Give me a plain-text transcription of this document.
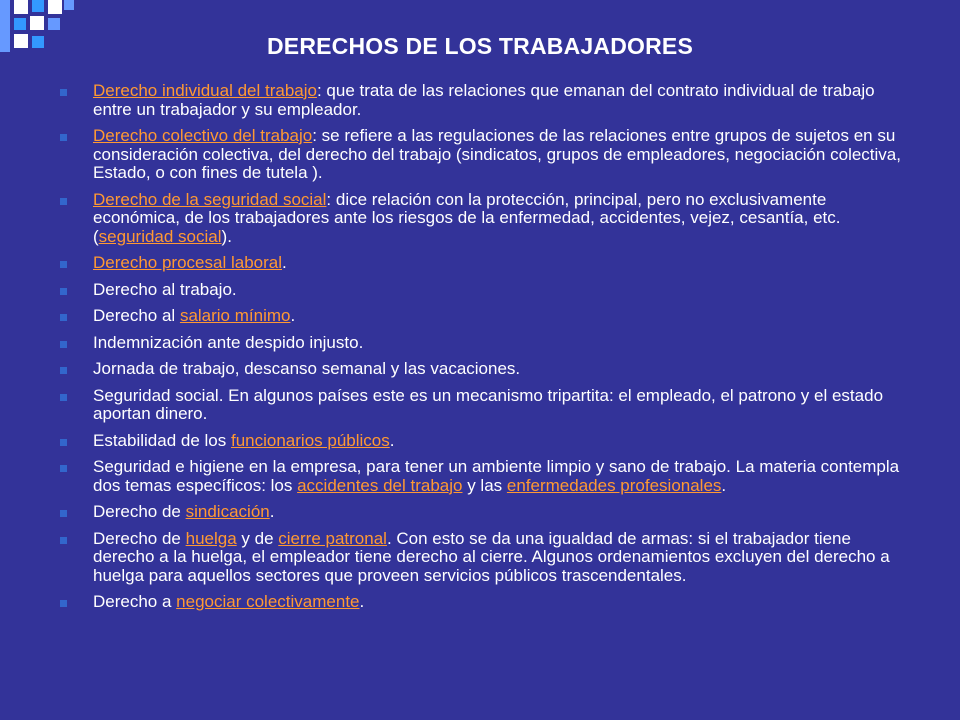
DERECHOS DE LOS TRABAJADORES
Derecho individual del trabajo: que trata de las relaciones que emanan del contrato individual de trabajo entre un trabajador y su empleador.
Derecho colectivo del trabajo: se refiere a las regulaciones de las relaciones entre grupos de sujetos en su consideración colectiva, del derecho del trabajo (sindicatos, grupos de empleadores, negociación colectiva, Estado, o con fines de tutela ).
Derecho de la seguridad social: dice relación con la protección, principal, pero no exclusivamente económica, de los trabajadores ante los riesgos de la enfermedad, accidentes, vejez, cesantía, etc. (seguridad social).
Derecho procesal laboral.
Derecho al trabajo.
Derecho al salario mínimo.
Indemnización ante despido injusto.
Jornada de trabajo, descanso semanal y las vacaciones.
Seguridad social. En algunos países este es un mecanismo tripartita: el empleado, el patrono y el estado aportan dinero.
Estabilidad de los funcionarios públicos.
Seguridad e higiene en la empresa, para tener un ambiente limpio y sano de trabajo. La materia contempla dos temas específicos: los accidentes del trabajo y las enfermedades profesionales.
Derecho de sindicación.
Derecho de huelga y de cierre patronal. Con esto se da una igualdad de armas: si el trabajador tiene derecho a la huelga, el empleador tiene derecho al cierre. Algunos ordenamientos excluyen del derecho a huelga para aquellos sectores que proveen servicios públicos trascendentales.
Derecho a negociar colectivamente.
